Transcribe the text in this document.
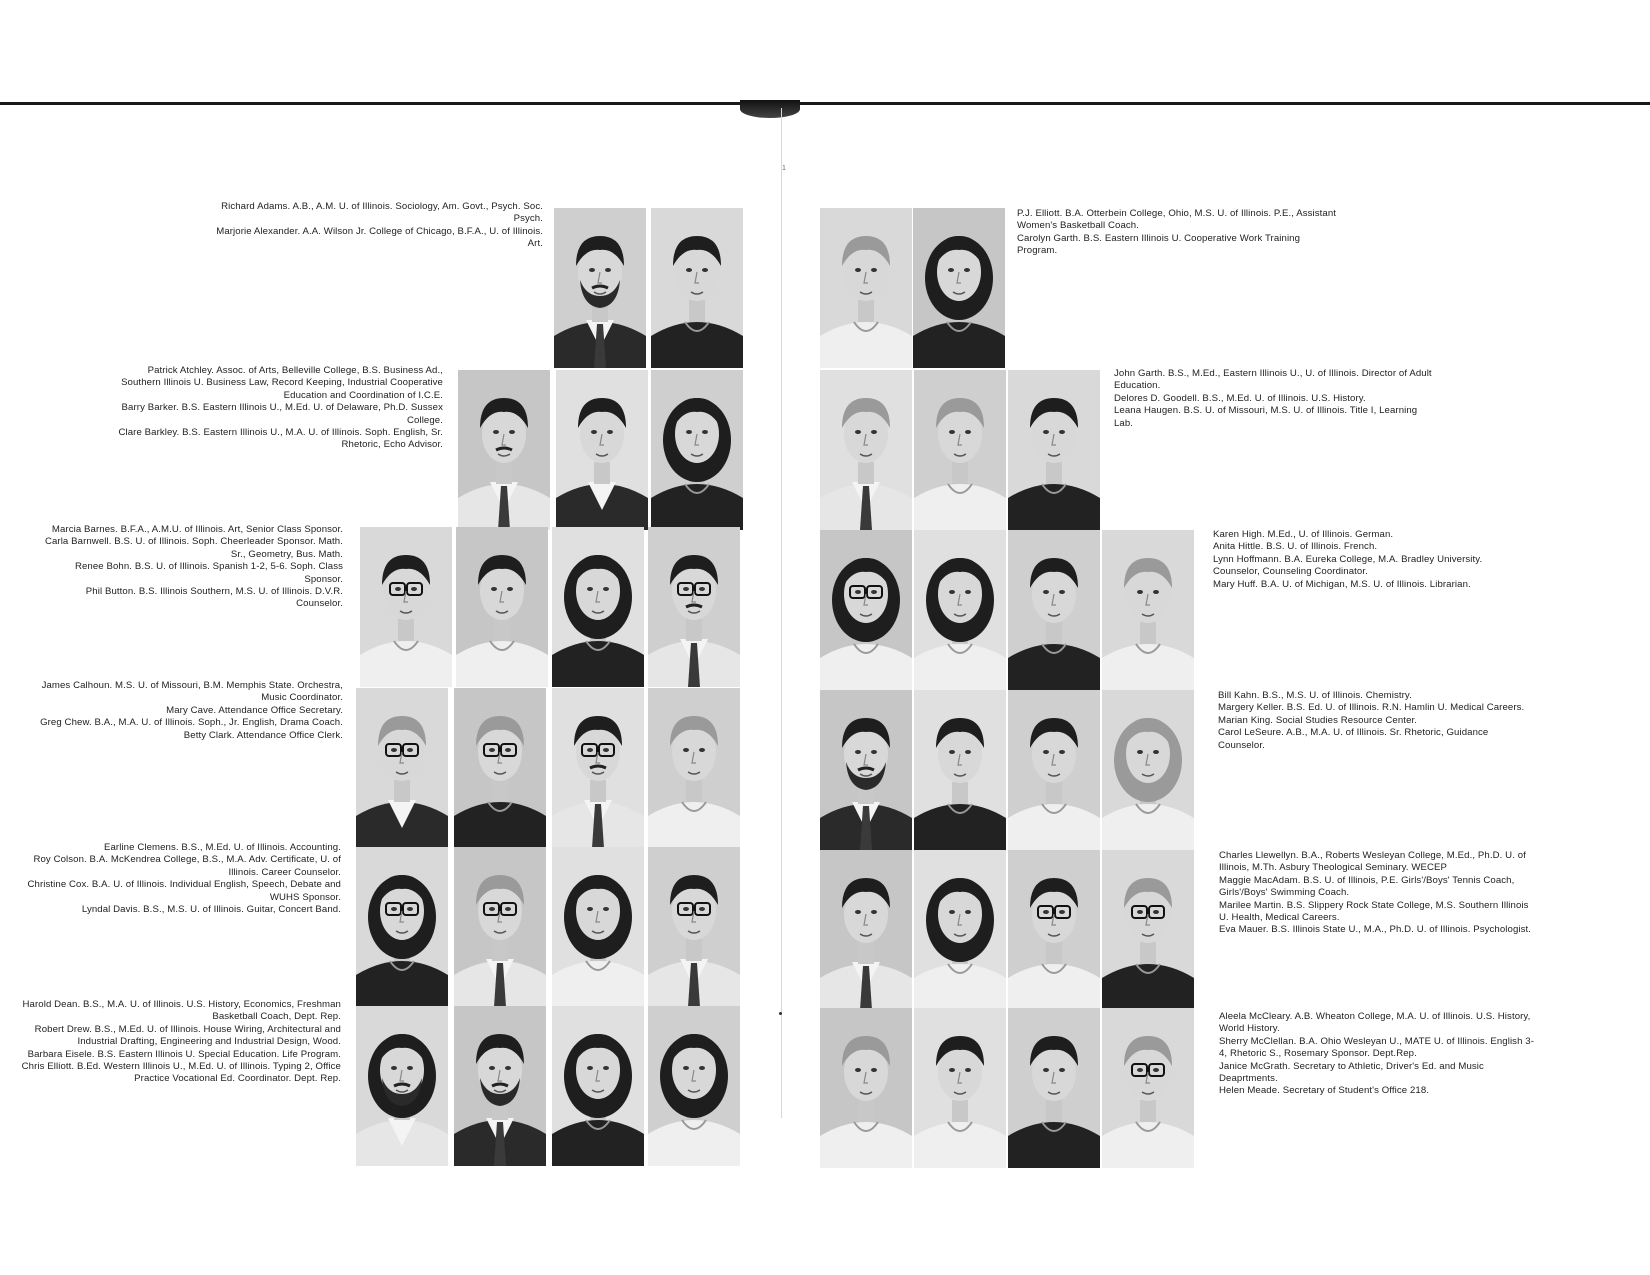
1

Richard Adams. A.B., A.M. U. of Illinois. Sociology, Am. Govt., Psych. Soc. Psych.

Marjorie Alexander. A.A. Wilson Jr. College of Chicago, B.F.A., U. of Illinois. Art.

Patrick Atchley. Assoc. of Arts, Belleville College, B.S. Business Ad., Southern Illinois U. Business Law, Record Keeping, Industrial Cooperative Education and Coordination of I.C.E.

Barry Barker. B.S. Eastern Illinois U., M.Ed. U. of Delaware, Ph.D. Sussex College.

Clare Barkley. B.S. Eastern Illinois U., M.A. U. of Illinois. Soph. English, Sr. Rhetoric, Echo Advisor.

Marcia Barnes. B.F.A., A.M.U. of Illinois. Art, Senior Class Sponsor.

Carla Barnwell. B.S. U. of Illinois. Soph. Cheerleader Sponsor. Math. Sr., Geometry, Bus. Math.

Renee Bohn. B.S. U. of Illinois. Spanish 1-2, 5-6. Soph. Class Sponsor.

Phil Button. B.S. Illinois Southern, M.S. U. of Illinois. D.V.R. Counselor.

James Calhoun. M.S. U. of Missouri, B.M. Memphis State. Orchestra, Music Coordinator.

Mary Cave. Attendance Office Secretary.

Greg Chew. B.A., M.A. U. of Illinois. Soph., Jr. English, Drama Coach.

Betty Clark. Attendance Office Clerk.

Earline Clemens. B.S., M.Ed. U. of Illinois. Accounting.

Roy Colson. B.A. McKendrea College, B.S., M.A. Adv. Certificate, U. of Illinois. Career Counselor.

Christine Cox. B.A. U. of Illinois. Individual English, Speech, Debate and WUHS Sponsor.

Lyndal Davis. B.S., M.S. U. of Illinois. Guitar, Concert Band.

Harold Dean. B.S., M.A. U. of Illinois. U.S. History, Economics, Freshman Basketball Coach, Dept. Rep.

Robert Drew. B.S., M.Ed. U. of Illinois. House Wiring, Architectural and Industrial Drafting, Engineering and Industrial Design, Wood.

Barbara Eisele. B.S. Eastern Illinois U. Special Education. Life Program.

Chris Elliott. B.Ed. Western Illinois U., M.Ed. U. of Illinois. Typing 2, Office Practice Vocational Ed. Coordinator. Dept. Rep.

P.J. Elliott. B.A. Otterbein College, Ohio, M.S. U. of Illinois. P.E., Assistant Women's Basketball Coach.

Carolyn Garth. B.S. Eastern Illinois U. Cooperative Work Training Program.

John Garth. B.S., M.Ed., Eastern Illinois U., U. of Illinois. Director of Adult Education.

Delores D. Goodell. B.S., M.Ed. U. of Illinois. U.S. History.

Leana Haugen. B.S. U. of Missouri, M.S. U. of Illinois. Title I, Learning Lab.

Karen High. M.Ed., U. of Illinois. German.

Anita Hittle. B.S. U. of Illinois. French.

Lynn Hoffmann. B.A. Eureka College, M.A. Bradley University. Counselor, Counseling Coordinator.

Mary Huff. B.A. U. of Michigan, M.S. U. of Illinois. Librarian.

Bill Kahn. B.S., M.S. U. of Illinois. Chemistry.

Margery Keller. B.S. Ed. U. of Illinois. R.N. Hamlin U. Medical Careers.

Marian King. Social Studies Resource Center.

Carol LeSeure. A.B., M.A. U. of Illinois. Sr. Rhetoric, Guidance Counselor.

Charles Llewellyn. B.A., Roberts Wesleyan College, M.Ed., Ph.D. U. of Illinois, M.Th. Asbury Theological Seminary. WECEP

Maggie MacAdam. B.S. U. of Illinois, P.E. Girls'/Boys' Tennis Coach, Girls'/Boys' Swimming Coach.

Marilee Martin. B.S. Slippery Rock State College, M.S. Southern Illinois U. Health, Medical Careers.

Eva Mauer. B.S. Illinois State U., M.A., Ph.D. U. of Illinois. Psychologist.

Aleela McCleary. A.B. Wheaton College, M.A. U. of Illinois. U.S. History, World History.

Sherry McClellan. B.A. Ohio Wesleyan U., MATE U. of Illinois. English 3-4, Rhetoric S., Rosemary Sponsor. Dept.Rep.

Janice McGrath. Secretary to Athletic, Driver's Ed. and Music Deaprtments.

Helen Meade. Secretary of Student's Office 218.
